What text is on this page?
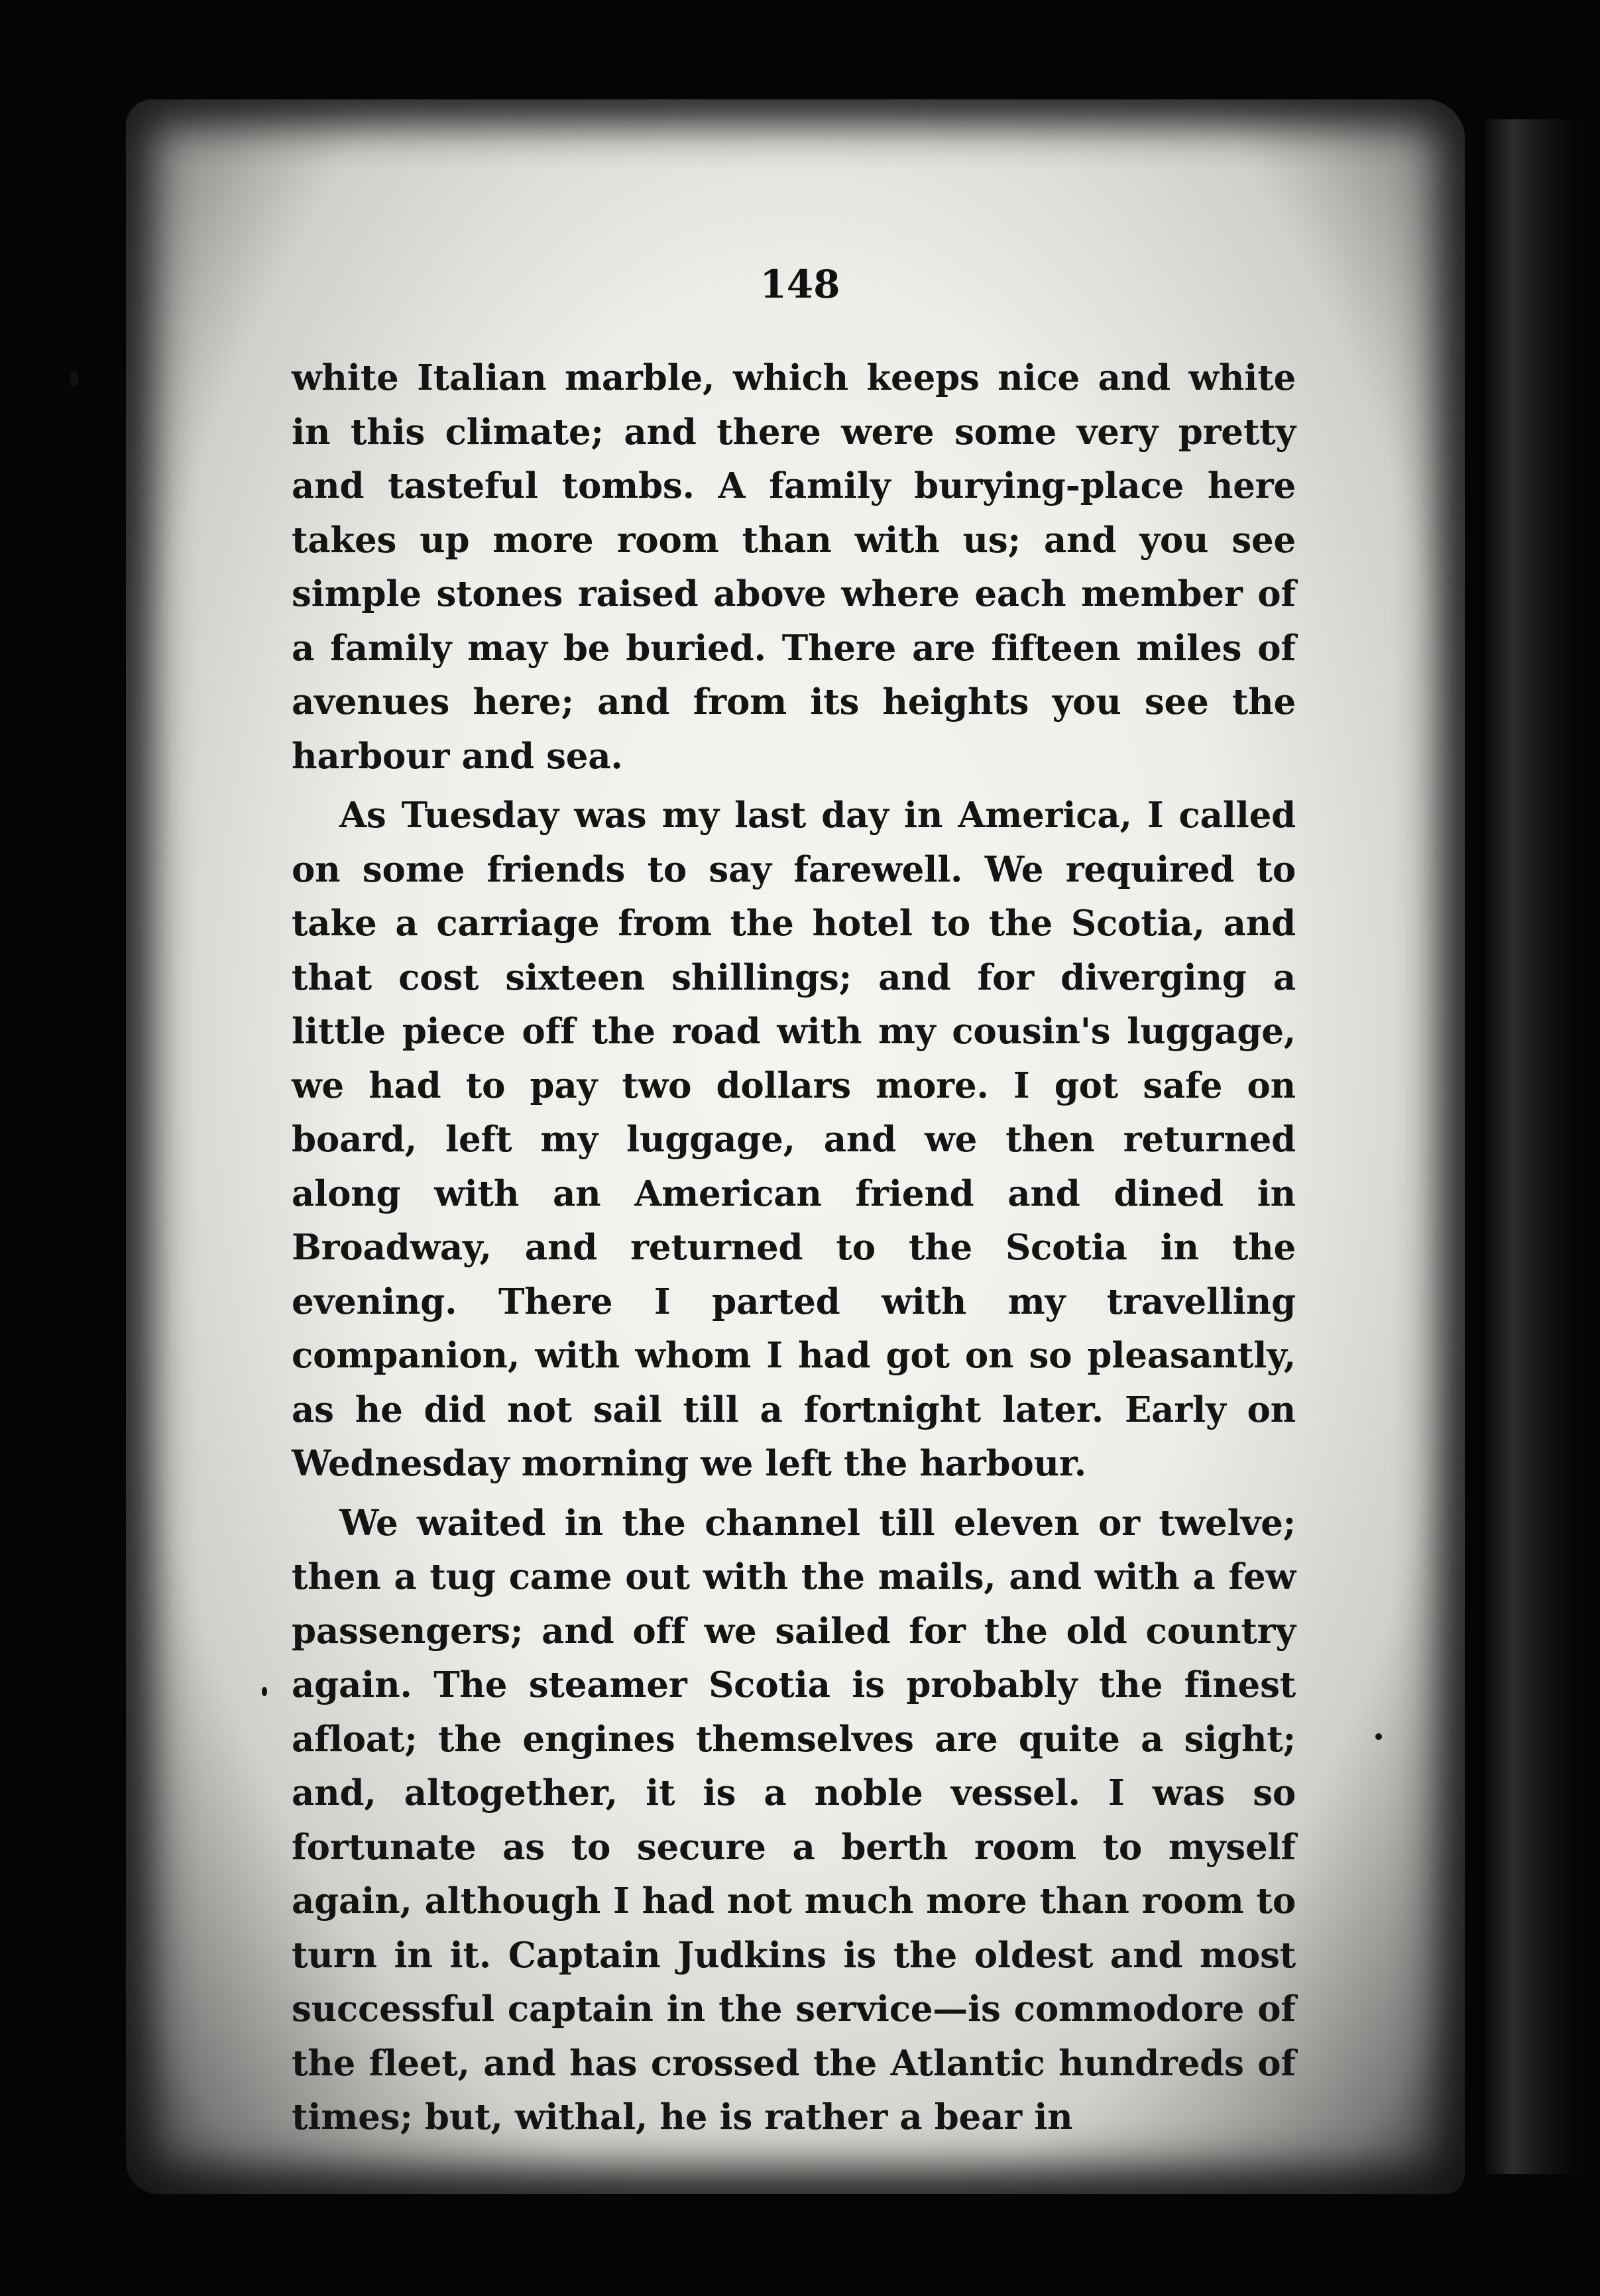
148

white Italian marble, which keeps nice and white in this climate; and there were some very pretty and tasteful tombs. A family burying-place here takes up more room than with us; and you see simple stones raised above where each member of a family may be buried. There are fifteen miles of avenues here; and from its heights you see the harbour and sea.

As Tuesday was my last day in America, I called on some friends to say farewell. We required to take a carriage from the hotel to the Scotia, and that cost sixteen shillings; and for diverging a little piece off the road with my cousin's luggage, we had to pay two dollars more. I got safe on board, left my luggage, and we then returned along with an American friend and dined in Broadway, and returned to the Scotia in the evening. There I parted with my travelling companion, with whom I had got on so pleasantly, as he did not sail till a fortnight later. Early on Wednesday morning we left the harbour.

We waited in the channel till eleven or twelve; then a tug came out with the mails, and with a few passengers; and off we sailed for the old country again. The steamer Scotia is probably the finest afloat; the engines themselves are quite a sight; and, altogether, it is a noble vessel. I was so fortunate as to secure a berth room to myself again, although I had not much more than room to turn in it. Captain Judkins is the oldest and most successful captain in the service—is commodore of the fleet, and has crossed the Atlantic hundreds of times; but, withal, he is rather a bear in
